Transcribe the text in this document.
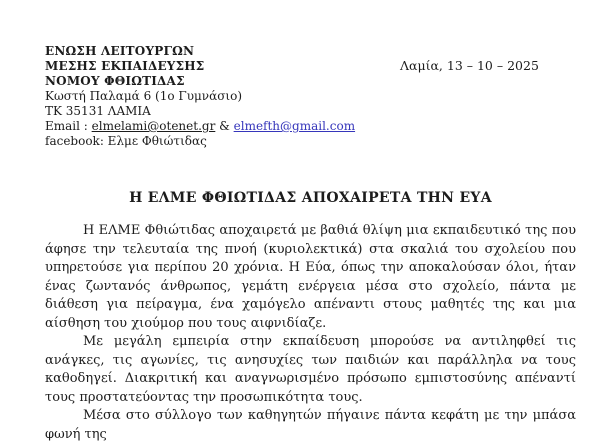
ΕΝΩΣΗ ΛΕΙΤΟΥΡΓΩΝ
ΜΕΣΗΣ ΕΚΠΑΙΔΕΥΣΗΣ
ΝΟΜΟΥ ΦΘΙΩΤΙΔΑΣ
Κωστή Παλαμά 6 (1ο Γυμνάσιο)
ΤΚ 35131 ΛΑΜΙΑ
Email : elmelami@otenet.gr & elmefth@gmail.com
facebook: Ελμε Φθιώτιδας
Λαμία, 13 – 10 – 2025
Η ΕΛΜΕ ΦΘΙΩΤΙΔΑΣ ΑΠΟΧΑΙΡΕΤΑ ΤΗΝ ΕΥΑ

Η ΕΛΜΕ Φθιώτιδας αποχαιρετά με βαθιά θλίψη μια εκπαιδευτικό της που άφησε την τελευταία της πνοή (κυριολεκτικά) στα σκαλιά του σχολείου που υπηρετούσε για περίπου 20 χρόνια. Η Εύα, όπως την αποκαλούσαν όλοι, ήταν ένας ζωντανός άνθρωπος, γεμάτη ενέργεια μέσα στο σχολείο, πάντα με διάθεση για πείραγμα, ένα χαμόγελο απέναντι στους μαθητές της και μια αίσθηση του χιούμορ που τους αιφνιδίαζε.

Με μεγάλη εμπειρία στην εκπαίδευση μπορούσε να αντιληφθεί τις ανάγκες, τις αγωνίες, τις ανησυχίες των παιδιών και παράλληλα να τους καθοδηγεί. Διακριτική και αναγνωρισμένο πρόσωπο εμπιστοσύνης απέναντί τους προστατεύοντας την προσωπικότητα τους.

Μέσα στο σύλλογο των καθηγητών πήγαινε πάντα κεφάτη με την μπάσα φωνή της
